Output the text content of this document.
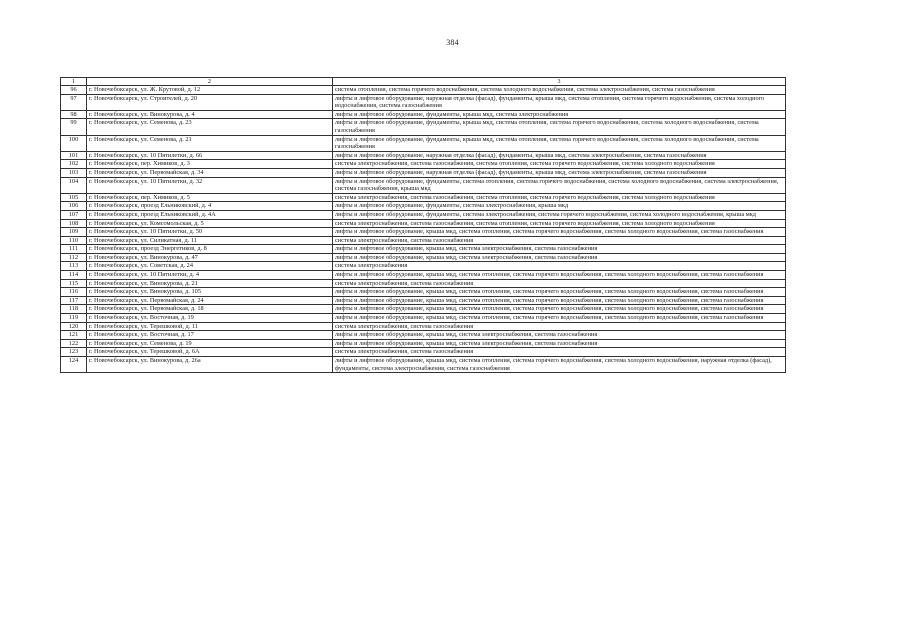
384
1	2	3
96	г. Новочебоксарск, ул. Ж. Крутовой, д. 12	система отопления, система горячего водоснабжения, система холодного водоснабжения, система электроснабжения, система газоснабжения
97	г. Новочебоксарск, ул. Строителей, д. 20	лифты и лифтовое оборудование, наружная отделка (фасад), фундаменты, крыша мкд, система отопления, система горячего водоснабжения, система холодного водоснабжения, система газоснабжения
98	г. Новочебоксарск, ул. Винокурова, д. 4	лифты и лифтовое оборудование, фундаменты, крыша мкд, система электроснабжения
99	г. Новочебоксарск, ул. Семенова, д. 23	лифты и лифтовое оборудование, фундаменты, крыша мкд, система отопления, система горячего водоснабжения, система холодного водоснабжения, система газоснабжения
100	г. Новочебоксарск, ул. Семенова, д. 21	лифты и лифтовое оборудование, фундаменты, крыша мкд, система отопления, система горячего водоснабжения, система холодного водоснабжения, система газоснабжения
101	г. Новочебоксарск, ул. 10 Пятилетки, д. 66	лифты и лифтовое оборудование, наружная отделка (фасад), фундаменты, крыша мкд, система электроснабжения, система газоснабжения
102	г. Новочебоксарск, пер. Химиков, д. 3	система электроснабжения, система газоснабжения, система отопления, система горячего водоснабжения, система холодного водоснабжения
103	г. Новочебоксарск, ул. Первомайская, д. 34	лифты и лифтовое оборудование, наружная отделка (фасад), фундаменты, крыша мкд, система электроснабжения, система газоснабжения
104	г. Новочебоксарск, ул. 10 Пятилетки, д. 32	лифты и лифтовое оборудование, фундаменты, система отопления, система горячего водоснабжения, система холодного водоснабжения, система электроснабжения, система газоснабжения, крыша мкд
105	г. Новочебоксарск, пер. Химиков, д. 5	система электроснабжения, система газоснабжения, система отопления, система горячего водоснабжения, система холодного водоснабжения
106	г. Новочебоксарск, проезд Ельниковский, д. 4	лифты и лифтовое оборудование, фундаменты, система электроснабжения, крыша мкд
107	г. Новочебоксарск, проезд Ельниковский, д. 4А	лифты и лифтовое оборудование, фундаменты, система электроснабжения, система горячего водоснабжения, система холодного водоснабжения, крыша мкд
108	г. Новочебоксарск, ул. Комсомольская, д. 5	система электроснабжения, система газоснабжения, система отопления, система горячего водоснабжения, система холодного водоснабжения
109	г. Новочебоксарск, ул. 10 Пятилетки, д. 50	лифты и лифтовое оборудование, крыша мкд, система отопления, система горячего водоснабжения, система холодного водоснабжения, система газоснабжения
110	г. Новочебоксарск, ул. Силикатная, д. 11	система электроснабжения, система газоснабжения
111	г. Новочебоксарск, проезд Энергетиков, д. 8	лифты и лифтовое оборудование, крыша мкд, система электроснабжения, система газоснабжения
112	г. Новочебоксарск, ул. Винокурова, д. 47	лифты и лифтовое оборудование, крыша мкд, система электроснабжения, система газоснабжения
113	г. Новочебоксарск, ул. Советская, д. 24	система электроснабжения
114	г. Новочебоксарск, ул. 10 Пятилетки, д. 4	лифты и лифтовое оборудование, крыша мкд, система отопления, система горячего водоснабжения, система холодного водоснабжения, система газоснабжения
115	г. Новочебоксарск, ул. Винокурова, д. 21	система электроснабжения, система газоснабжения
116	г. Новочебоксарск, ул. Винокурова, д. 105	лифты и лифтовое оборудование, крыша мкд, система отопления, система горячего водоснабжения, система холодного водоснабжения, система газоснабжения
117	г. Новочебоксарск, ул. Первомайская, д. 24	лифты и лифтовое оборудование, крыша мкд, система отопления, система горячего водоснабжения, система холодного водоснабжения, система газоснабжения
118	г. Новочебоксарск, ул. Первомайская, д. 18	лифты и лифтовое оборудование, крыша мкд, система отопления, система горячего водоснабжения, система холодного водоснабжения, система газоснабжения
119	г. Новочебоксарск, ул. Восточная, д. 19	лифты и лифтовое оборудование, крыша мкд, система отопления, система горячего водоснабжения, система холодного водоснабжения, система газоснабжения
120	г. Новочебоксарск, ул. Терешковой, д. 11	система электроснабжения, система газоснабжения
121	г. Новочебоксарск, ул. Восточная, д. 17	лифты и лифтовое оборудование, крыша мкд, система электроснабжения, система газоснабжения
122	г. Новочебоксарск, ул. Семенова, д. 19	лифты и лифтовое оборудование, крыша мкд, система электроснабжения, система газоснабжения
123	г. Новочебоксарск, ул. Терешковой, д. 6А	система электроснабжения, система газоснабжения
124	г. Новочебоксарск, ул. Винокурова, д. 26а	лифты и лифтовое оборудование, крыша мкд, система отопления, система горячего водоснабжения, система холодного водоснабжения, наружная отделка (фасад), фундаменты, система электроснабжения, система газоснабжения
